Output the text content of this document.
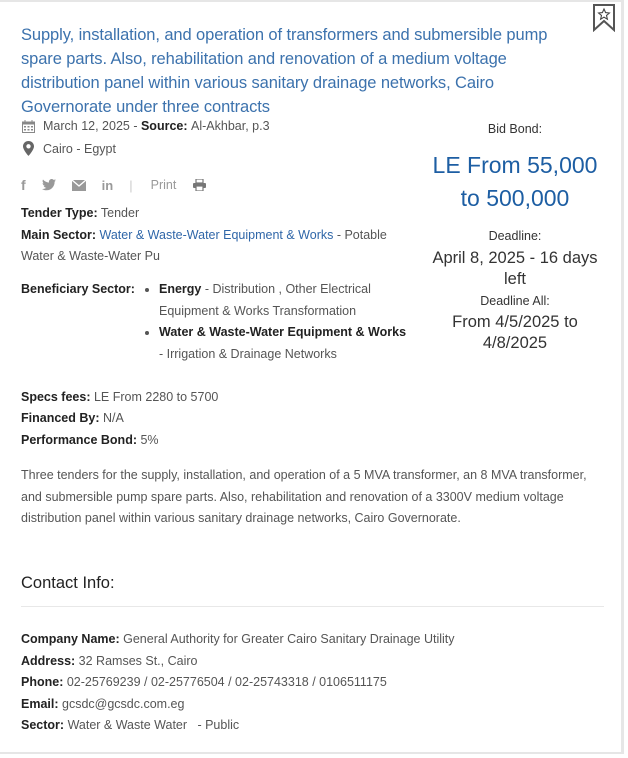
Supply, installation, and operation of transformers and submersible pump spare parts. Also, rehabilitation and renovation of a medium voltage distribution panel within various sanitary drainage networks, Cairo Governorate under three contracts
March 12, 2025 - Source:
Al-Akhbar, p.3
Cairo - Egypt
f	in | Print
Tender Type: Tender
Main Sector: Water & Waste-Water Equipment & Works - Potable Water & Waste-Water Pu
Beneficiary Sector: • Energy - Distribution , Other Electrical Equipment & Works Transformation
• Water & Waste-Water Equipment & Works - Irrigation & Drainage Networks
Specs fees: LE From 2280 to 5700
Financed By: N/A
Performance Bond: 5%
Bid Bond:
LE From 55,000 to 500,000
Deadline:
April 8, 2025 - 16 days left
Deadline All:
From 4/5/2025 to 4/8/2025
Three tenders for the supply, installation, and operation of a 5 MVA transformer, an 8 MVA transformer, and submersible pump spare parts. Also, rehabilitation and renovation of a 3300V medium voltage distribution panel within various sanitary drainage networks, Cairo Governorate.
Contact Info:
Company Name: General Authority for Greater Cairo Sanitary Drainage Utility
Address: 32 Ramses St., Cairo
Phone: 02-25769239 / 02-25776504 / 02-25743318 / 0106511175
Email: gcsdc@gcsdc.com.eg
Sector: Water & Waste Water   - Public
